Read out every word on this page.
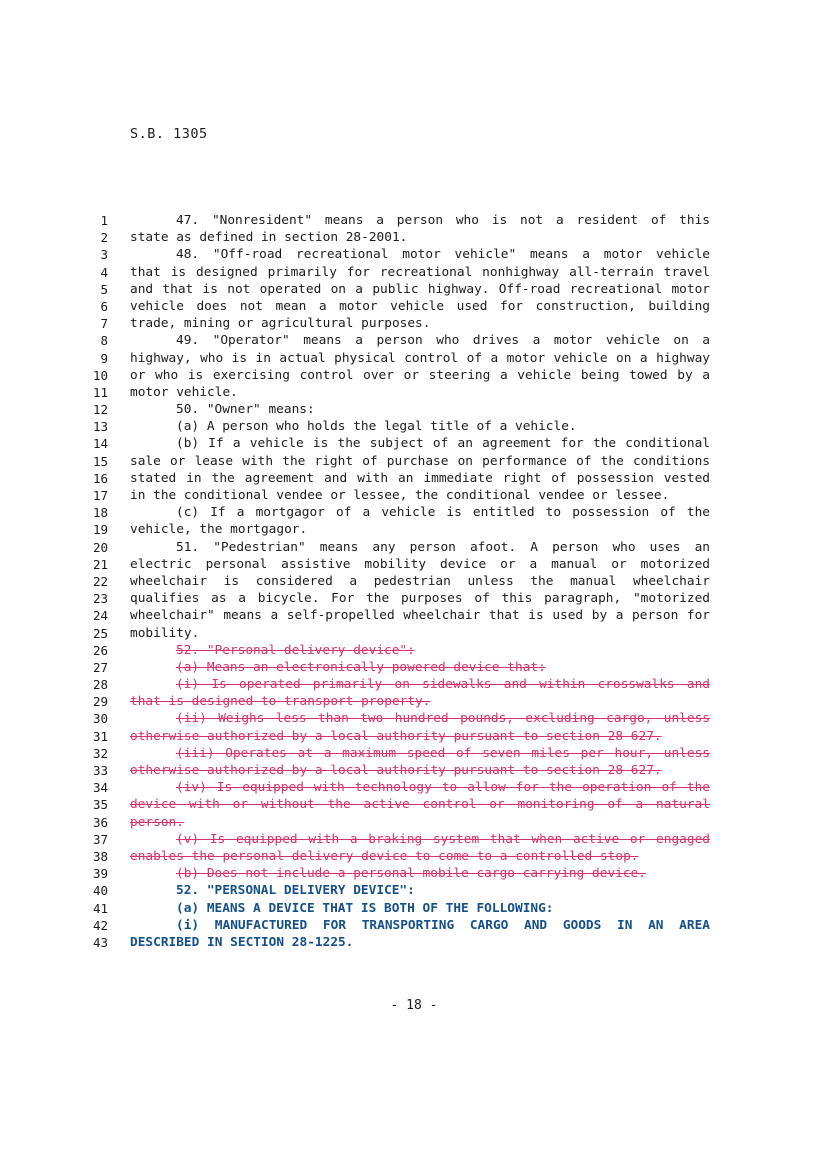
S.B. 1305
1	47. "Nonresident" means a person who is not a resident of this
2 state as defined in section 28-2001.
3	48. "Off-road recreational motor vehicle" means a motor vehicle
4 that is designed primarily for recreational nonhighway all-terrain travel
5 and that is not operated on a public highway. Off-road recreational motor
6 vehicle does not mean a motor vehicle used for construction, building
7 trade, mining or agricultural purposes.
8	49. "Operator" means a person who drives a motor vehicle on a
9 highway, who is in actual physical control of a motor vehicle on a highway
10 or who is exercising control over or steering a vehicle being towed by a
11 motor vehicle.
12	50. "Owner" means:
13	(a) A person who holds the legal title of a vehicle.
14	(b) If a vehicle is the subject of an agreement for the conditional
15 sale or lease with the right of purchase on performance of the conditions
16 stated in the agreement and with an immediate right of possession vested
17 in the conditional vendee or lessee, the conditional vendee or lessee.
18	(c) If a mortgagor of a vehicle is entitled to possession of the
19 vehicle, the mortgagor.
20	51. "Pedestrian" means any person afoot. A person who uses an
21 electric personal assistive mobility device or a manual or motorized
22 wheelchair is considered a pedestrian unless the manual wheelchair
23 qualifies as a bicycle. For the purposes of this paragraph, "motorized
24 wheelchair" means a self-propelled wheelchair that is used by a person for
25 mobility.
26	52. "Personal delivery device":
27	(a) Means an electronically powered device that:
28	(i) Is operated primarily on sidewalks and within crosswalks and
29 that is designed to transport property.
30	(ii) Weighs less than two hundred pounds, excluding cargo, unless
31 otherwise authorized by a local authority pursuant to section 28-627.
32	(iii) Operates at a maximum speed of seven miles per hour, unless
33 otherwise authorized by a local authority pursuant to section 28-627.
34	(iv) Is equipped with technology to allow for the operation of the
35 device with or without the active control or monitoring of a natural
36 person.
37	(v) Is equipped with a braking system that when active or engaged
38 enables the personal delivery device to come to a controlled stop.
39	(b) Does not include a personal mobile cargo carrying device.
40	52. "PERSONAL DELIVERY DEVICE":
41	(a) MEANS A DEVICE THAT IS BOTH OF THE FOLLOWING:
42	(i) MANUFACTURED FOR TRANSPORTING CARGO AND GOODS IN AN AREA
43 DESCRIBED IN SECTION 28-1225.
- 18 -
